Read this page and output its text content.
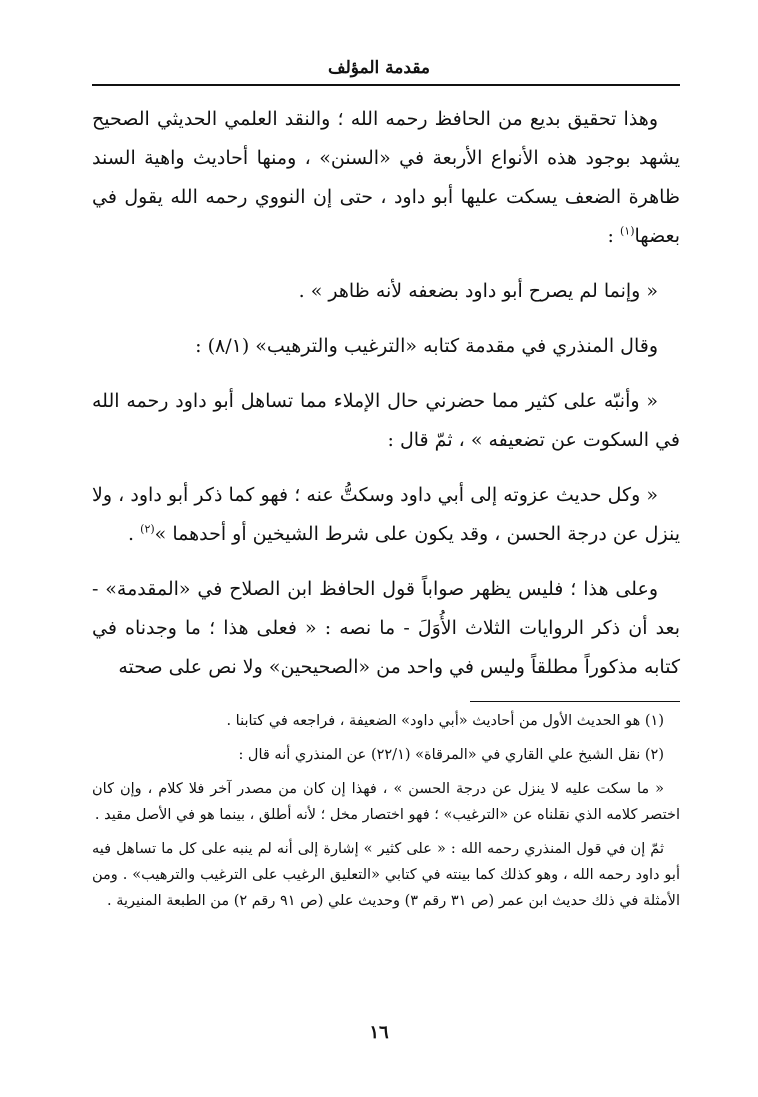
مقدمة المؤلف

وهذا تحقيق بديع من الحافظ رحمه الله ؛ والنقد العلمي الحديثي الصحيح يشهد بوجود هذه الأنواع الأربعة في «السنن» ، ومنها أحاديث واهية السند ظاهرة الضعف يسكت عليها أبو داود ، حتى إن النووي رحمه الله يقول في بعضها$^{(١)}$ :

« وإنما لم يصرح أبو داود بضعفه لأنه ظاهر » .

وقال المنذري في مقدمة كتابه «الترغيب والترهيب» (٨/١) :

« وأنبّه على كثير مما حضرني حال الإملاء مما تساهل أبو داود رحمه الله في السكوت عن تضعيفه » ، ثمّ قال :

« وكل حديث عزوته إلى أبي داود وسكتُّ عنه ؛ فهو كما ذكر أبو داود ، ولا ينزل عن درجة الحسن ، وقد يكون على شرط الشيخين أو أحدهما »$^{(٢)}$ .

وعلى هذا ؛ فليس يظهر صواباً قول الحافظ ابن الصلاح في «المقدمة» - بعد أن ذكر الروايات الثلاث الأُوَلَ - ما نصه : « فعلى هذا ؛ ما وجدناه في كتابه مذكوراً مطلقاً وليس في واحد من «الصحيحين» ولا نص على صحته

(١) هو الحديث الأول من أحاديث «أبي داود» الضعيفة ، فراجعه في كتابنا .

(٢) نقل الشيخ علي القاري في «المرقاة» (٢٢/١) عن المنذري أنه قال :

« ما سكت عليه لا ينزل عن درجة الحسن » ، فهذا إن كان من مصدر آخر فلا كلام ، وإن كان اختصر كلامه الذي نقلناه عن «الترغيب» ؛ فهو اختصار مخل ؛ لأنه أطلق ، بينما هو في الأصل مقيد .

ثمّ إن في قول المنذري رحمه الله : « على كثير » إشارة إلى أنه لم ينبه على كل ما تساهل فيه أبو داود رحمه الله ، وهو كذلك كما بينته في كتابي «التعليق الرغيب على الترغيب والترهيب» . ومن الأمثلة في ذلك حديث ابن عمر (ص ٣١ رقم ٣) وحديث علي (ص ٩١ رقم ٢) من الطبعة المنيرية .

١٦
